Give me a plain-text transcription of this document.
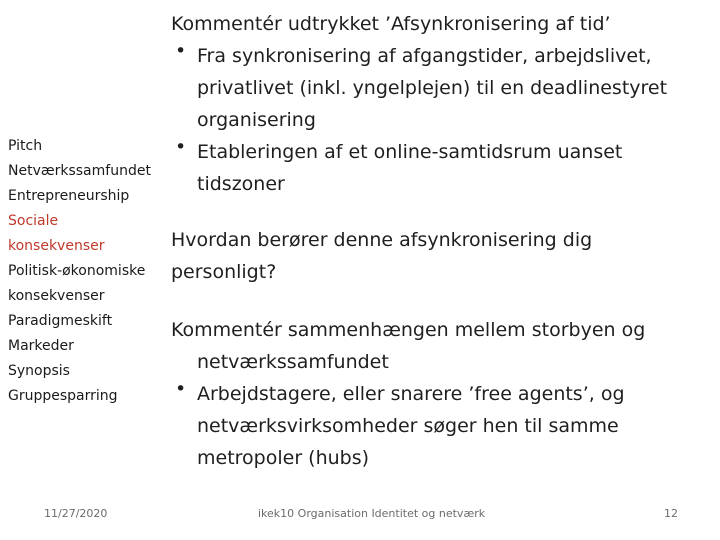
Pitch
Netværkssamfundet
Entrepreneurship
Sociale
konsekvenser
Politisk-økonomiske
konsekvenser
Paradigmeskift
Markeder
Synopsis
Gruppesparring
Kommentér udtrykket ’Afsynkronisering af tid’
• Fra synkronisering af afgangstider, arbejdslivet,
privatlivet (inkl. yngelplejen) til en deadlinestyret
organisering
• Etableringen af et online-samtidsrum uanset
tidszoner
Hvordan berører denne afsynkronisering dig
personligt?
Kommentér sammenhængen mellem storbyen og
netværkssamfundet
• Arbejdstagere, eller snarere ’free agents’, og
netværksvirksomheder søger hen til samme
metropoler (hubs)
11/27/2020	ikek10 Organisation Identitet og netværk	12
